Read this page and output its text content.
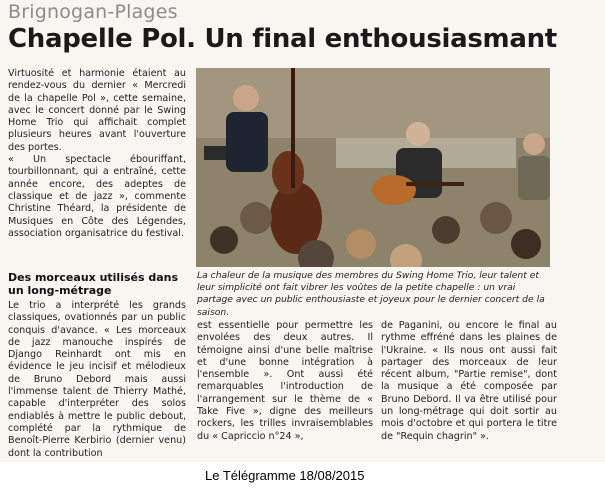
Brignogan-Plages
Chapelle Pol. Un final enthousiasmant

Virtuosité et harmonie étaient au rendez-vous du dernier « Mercredi de la chapelle Pol », cette semaine, avec le concert donné par le Swing Home Trio qui affichait complet plusieurs heures avant l'ouverture des portes.

« Un spectacle ébouriffant, tourbillonnant, qui a entraîné, cette année encore, des adeptes de classique et de jazz », commente Christine Théard, la présidente de Musiques en Côte des Légendes, association organisatrice du festival.

Des morceaux utilisés dans un long-métrage

Le trio a interprété les grands classiques, ovationnés par un public conquis d'avance. « Les morceaux de jazz manouche inspirés de Django Reinhardt ont mis en évidence le jeu incisif et mélodieux de Bruno Debord mais aussi l'immense talent de Thierry Mathé, capable d'interpréter des solos endiablés à mettre le public debout, complété par la rythmique de Benoît-Pierre Kerbirio (dernier venu) dont la contribution

La chaleur de la musique des membres du Swing Home Trio, leur talent et leur simplicité ont fait vibrer les voûtes de la petite chapelle : un vrai partage avec un public enthousiaste et joyeux pour le dernier concert de la saison.

est essentielle pour permettre les envolées des deux autres. Il témoigne ainsi d'une belle maîtrise et d'une bonne intégration à l'ensemble ». Ont aussi été remarquables l'introduction de l'arrangement sur le thème de « Take Five », digne des meilleurs rockers, les trilles invraisemblables du « Capriccio n°24 »,

de Paganini, ou encore le final au rythme effréné dans les plaines de l'Ukraine. « Ils nous ont aussi fait partager des morceaux de leur récent album, "Partie remise", dont la musique a été composée par Bruno Debord. Il va être utilisé pour un long-métrage qui doit sortir au mois d'octobre et qui portera le titre de "Requin chagrin" ».

Le Télégramme 18/08/2015
